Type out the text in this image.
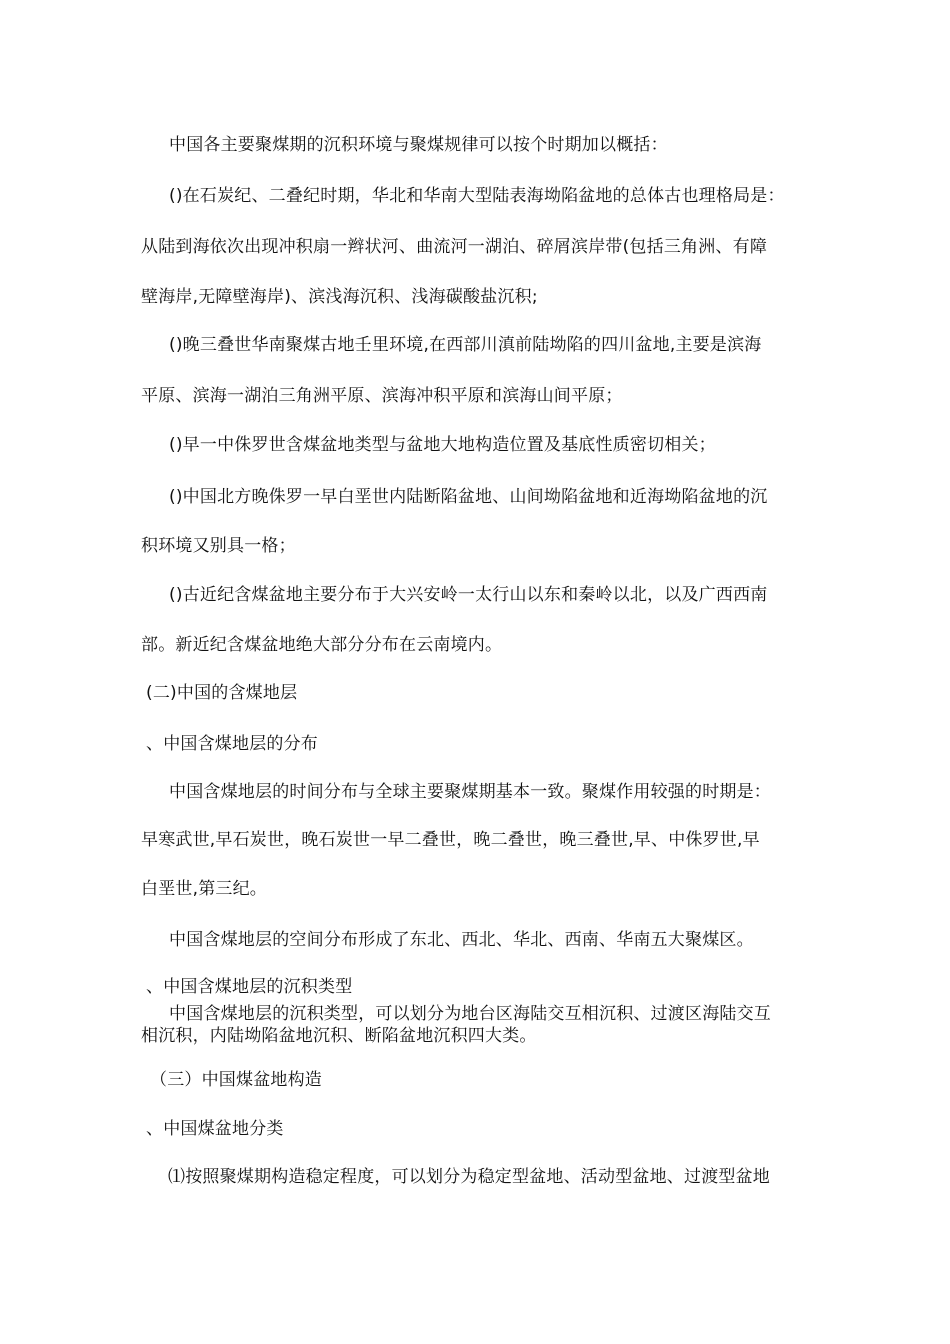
中国各主要聚煤期的沉积环境与聚煤规律可以按个时期加以概括：
()在石炭纪、二叠纪时期，华北和华南大型陆表海坳陷盆地的总体古也理格局是：
从陆到海依次出现冲积扇一辫状河、曲流河一湖泊、碎屑滨岸带(包括三角洲、有障
壁海岸,无障壁海岸)、滨浅海沉积、浅海碳酸盐沉积;
()晚三叠世华南聚煤古地壬里环境,在西部川滇前陆坳陷的四川盆地,主要是滨海
平原、滨海一湖泊三角洲平原、滨海冲积平原和滨海山间平原；
()早一中侏罗世含煤盆地类型与盆地大地构造位置及基底性质密切相关；
()中国北方晚侏罗一早白垩世内陆断陷盆地、山间坳陷盆地和近海坳陷盆地的沉
积环境又别具一格；
()古近纪含煤盆地主要分布于大兴安岭一太行山以东和秦岭以北，以及广西西南
部。新近纪含煤盆地绝大部分分布在云南境内。
(二)中国的含煤地层
、中国含煤地层的分布
中国含煤地层的时间分布与全球主要聚煤期基本一致。聚煤作用较强的时期是：
早寒武世,早石炭世，晚石炭世一早二叠世，晚二叠世，晚三叠世,早、中侏罗世,早
白垩世,第三纪。
中国含煤地层的空间分布形成了东北、西北、华北、西南、华南五大聚煤区。
、中国含煤地层的沉积类型
中国含煤地层的沉积类型，可以划分为地台区海陆交互相沉积、过渡区海陆交互
相沉积，内陆坳陷盆地沉积、断陷盆地沉积四大类。
（三）中国煤盆地构造
、中国煤盆地分类
⑴按照聚煤期构造稳定程度，可以划分为稳定型盆地、活动型盆地、过渡型盆地
